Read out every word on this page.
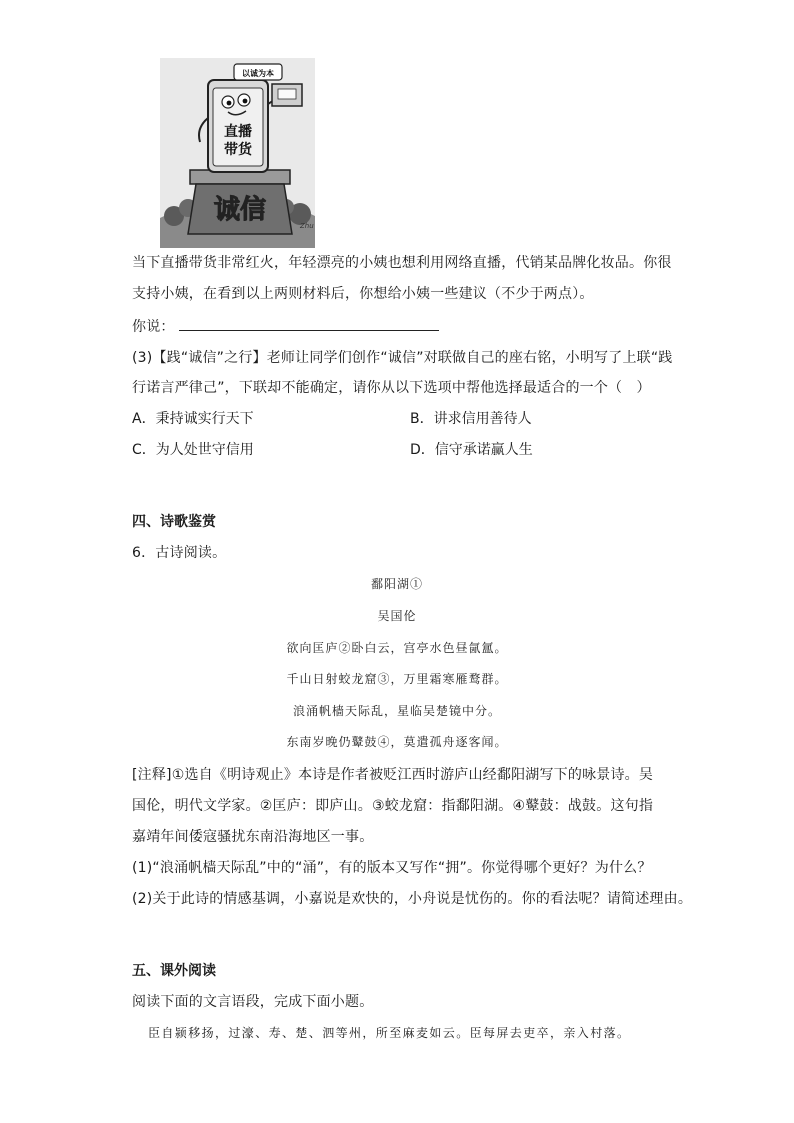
诚信
Zhu
直播
带货
以诚为本
当下直播带货非常红火，年轻漂亮的小姨也想利用网络直播，代销某品牌化妆品。你很
支持小姨，在看到以上两则材料后，你想给小姨一些建议（不少于两点）。
你说：
(3)【践“诚信”之行】老师让同学们创作“诚信”对联做自己的座右铭，小明写了上联“践
行诺言严律己”，下联却不能确定，请你从以下选项中帮他选择最适合的一个（　）
A．秉持诚实行天下	B．讲求信用善待人
C．为人处世守信用	D．信守承诺赢人生
四、诗歌鉴赏
6．古诗阅读。
鄱阳湖①
吴国伦
欲向匡庐②卧白云，宫亭水色昼氤氲。
千山日射蛟龙窟③，万里霜寒雁鹜群。
浪涌帆樯天际乱，星临吴楚镜中分。
东南岁晚仍鼙鼓④，莫遣孤舟逐客闻。
[注释]①选自《明诗观止》本诗是作者被贬江西时游庐山经鄱阳湖写下的咏景诗。吴
国伦，明代文学家。②匡庐：即庐山。③蛟龙窟：指鄱阳湖。④鼙鼓：战鼓。这句指
嘉靖年间倭寇骚扰东南沿海地区一事。
(1)“浪涌帆樯天际乱”中的“涌”，有的版本又写作“拥”。你觉得哪个更好？为什么？
(2)关于此诗的情感基调，小嘉说是欢快的，小舟说是忧伤的。你的看法呢？请简述理由。
五、课外阅读
阅读下面的文言语段，完成下面小题。
臣自颍移扬，过濠、寿、楚、泗等州，所至麻麦如云。臣每屏去吏卒，亲入村落。
